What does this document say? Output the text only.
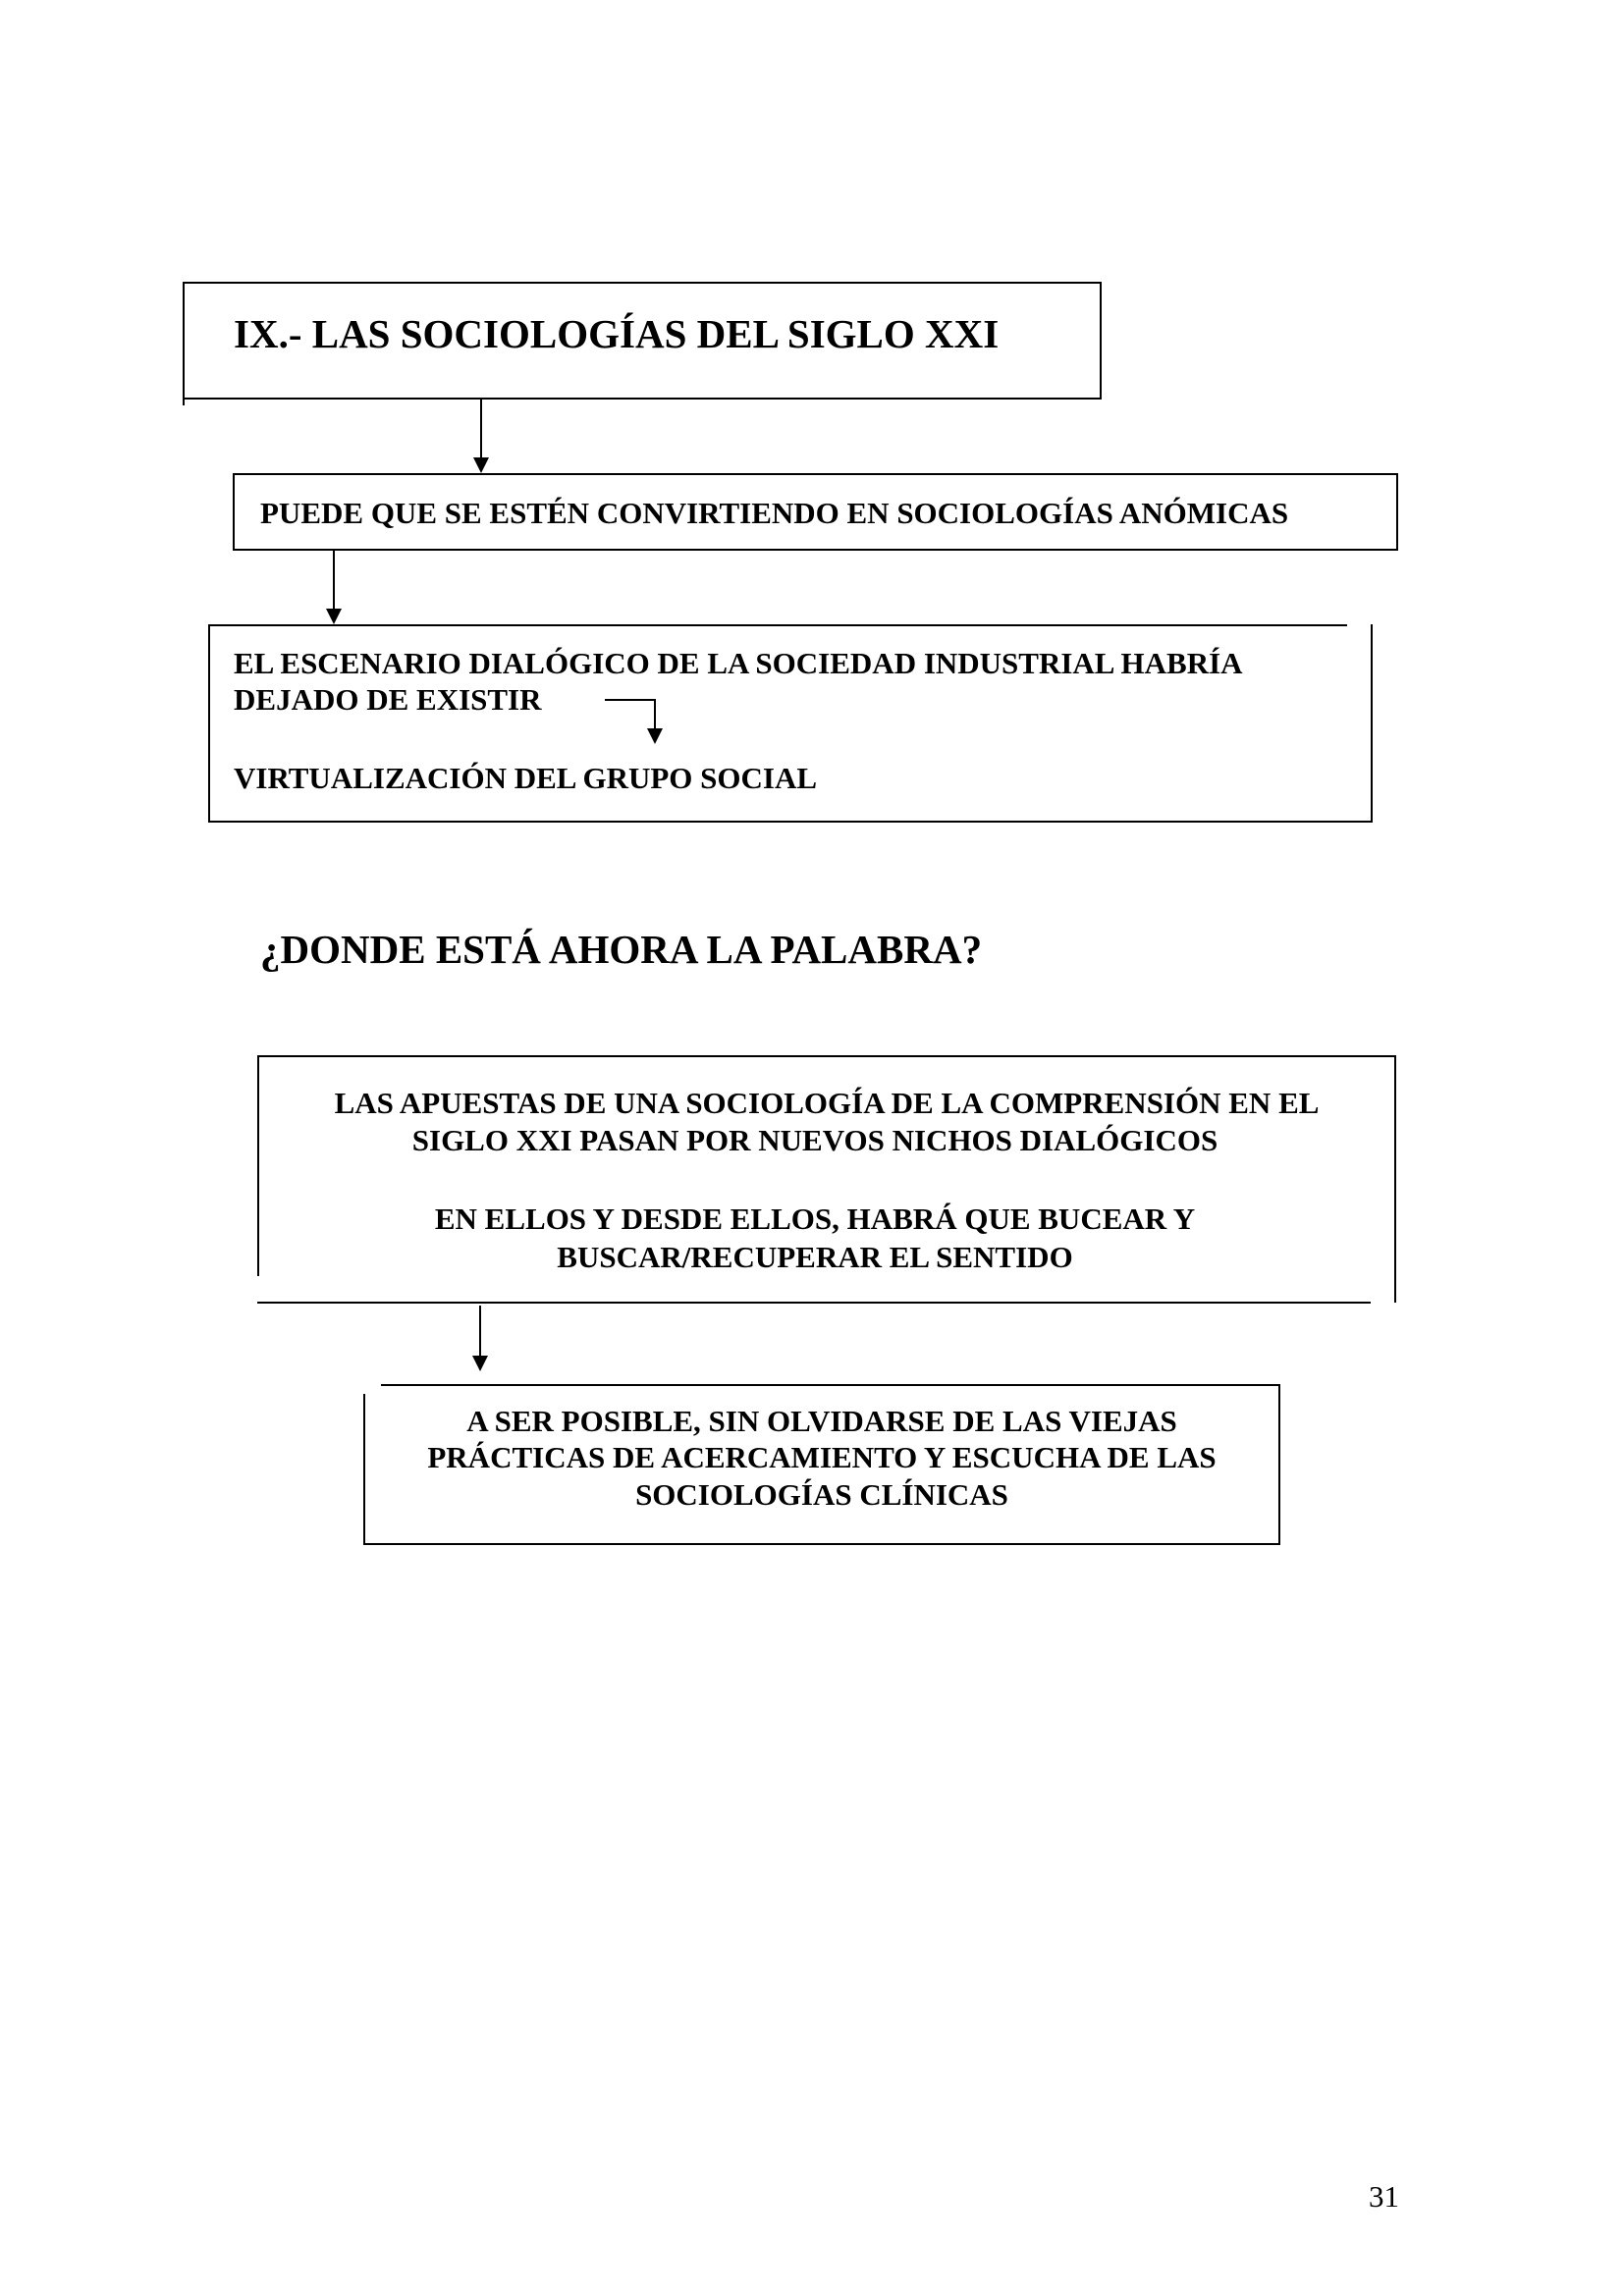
IX.- LAS SOCIOLOGÍAS DEL SIGLO XXI
PUEDE QUE SE ESTÉN CONVIRTIENDO EN SOCIOLOGÍAS ANÓMICAS
EL ESCENARIO DIALÓGICO DE LA SOCIEDAD INDUSTRIAL HABRÍA
DEJADO DE EXISTIR
VIRTUALIZACIÓN DEL GRUPO SOCIAL
¿DONDE ESTÁ AHORA LA PALABRA?
LAS APUESTAS DE UNA SOCIOLOGÍA DE LA COMPRENSIÓN EN EL
SIGLO XXI PASAN POR NUEVOS NICHOS DIALÓGICOS
EN ELLOS Y DESDE ELLOS, HABRÁ QUE BUCEAR Y
BUSCAR/RECUPERAR EL SENTIDO
A SER POSIBLE, SIN OLVIDARSE DE LAS VIEJAS
PRÁCTICAS DE ACERCAMIENTO Y ESCUCHA DE LAS
SOCIOLOGÍAS CLÍNICAS
31
